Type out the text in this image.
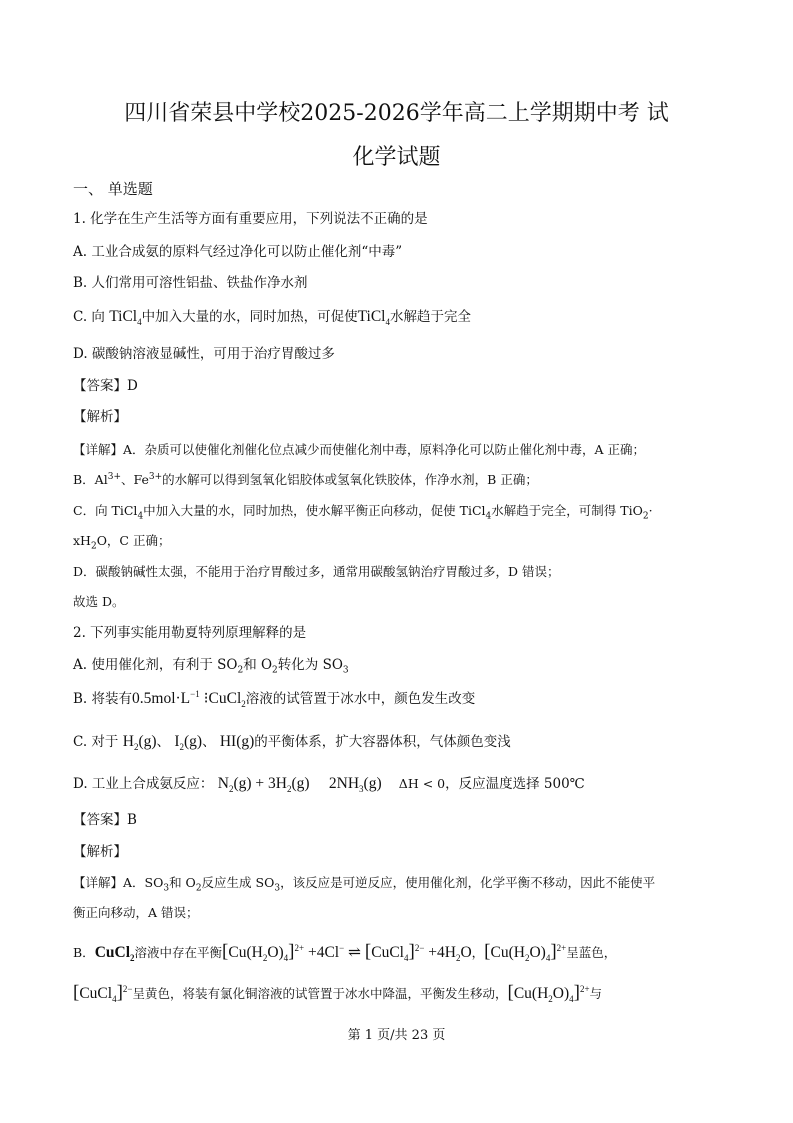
四川省荣县中学校2025-2026学年高二上学期期中考 试
化学试题
一、 单选题
1. 化学在生产生活等方面有重要应用，下列说法不正确的是
A. 工业合成氨的原料气经过净化可以防止催化剂“中毒”
B. 人们常用可溶性铝盐、铁盐作净水剂
C. 向 TiCl$_4$中加入大量的水，同时加热，可促使TiCl$_4$水解趋于完全
D. 碳酸钠溶液显碱性，可用于治疗胃酸过多
【答案】D
【解析】
【详解】A．杂质可以使催化剂催化位点减少而使催化剂中毒，原料净化可以防止催化剂中毒，A 正确；
B．$Al^{3+}$、$Fe^{3+}$的水解可以得到氢氧化铝胶体或氢氧化铁胶体，作净水剂，B 正确；
C．向 TiCl$_4$中加入大量的水，同时加热，使水解平衡正向移动，促使 TiCl$_4$水解趋于完全，可制得 TiO$_2$·
$xH_2O$，C 正确；
D．碳酸钠碱性太强，不能用于治疗胃酸过多，通常用碳酸氢钠治疗胃酸过多，D 错误；
故选 D。
2. 下列事实能用勒夏特列原理解释的是
A. 使用催化剂，有利于 $SO_2$和 $O_2$转化为 $SO_3$
B. 将装有$0.5mol\cdot L^{-1}$ ⁝CuCl$_2$溶液的试管置于冰水中，颜色发生改变
C. 对于 $H_2(g)$、 $I_2(g)$、 HI(g)的平衡体系，扩大容器体积，气体颜色变浅
D. 工业上合成氨反应： $N_2(g) + 3H_2(g)$     $2NH_3(g) \Delta H < 0$，反应温度选择 500℃
【答案】B
【解析】
【详解】A．$SO_3$和 $O_2$反应生成 $SO_3$，该反应是可逆反应，使用催化剂，化学平衡不移动，因此不能使平
衡正向移动，A 错误；
B．CuCl$_2$溶液中存在平衡$[Cu(H_2O)_4]^{2+} +4Cl^-$ ⇌ [CuCl$_4$]$^{2-}$ $+4H_2O$，$[Cu(H_2O)_4]^{2+}$呈蓝色，
[CuCl$_4$]$^{2-}$呈黄色，将装有氯化铜溶液的试管置于冰水中降温，平衡发生移动，$[Cu(H_2O)_4]^{2+}$与
第 1 页/共 23 页
